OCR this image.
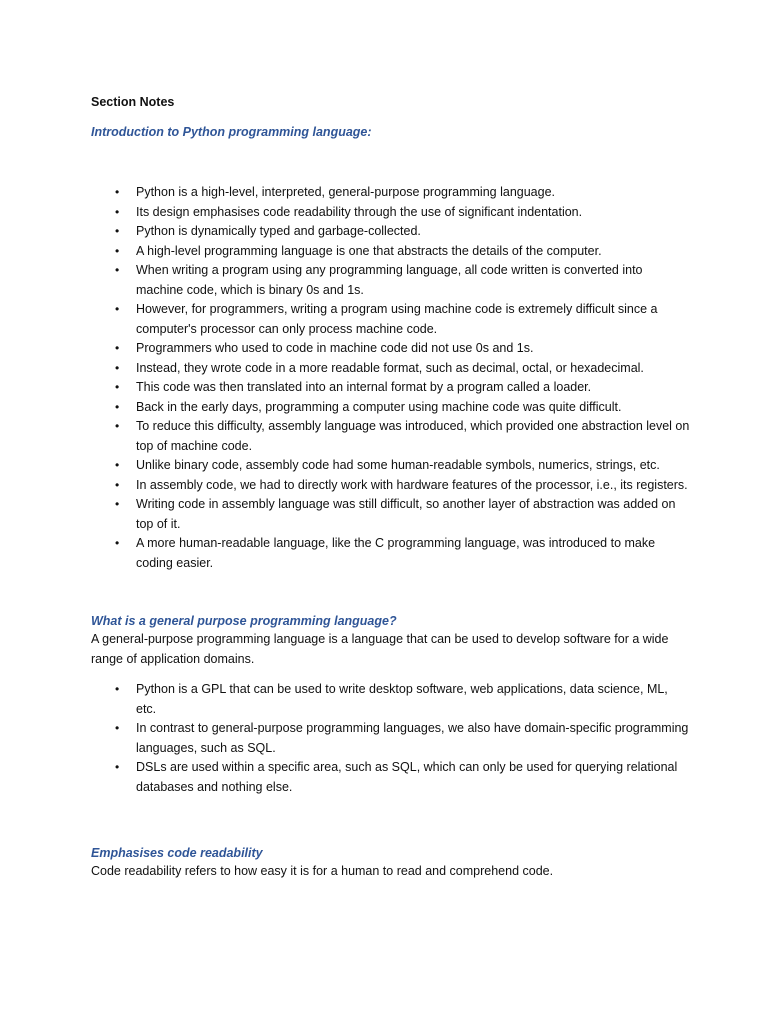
Section Notes

Introduction to Python programming language:

• Python is a high-level, interpreted, general-purpose programming language.
• Its design emphasises code readability through the use of significant indentation.
• Python is dynamically typed and garbage-collected.
• A high-level programming language is one that abstracts the details of the computer.
• When writing a program using any programming language, all code written is converted into machine code, which is binary 0s and 1s.
• However, for programmers, writing a program using machine code is extremely difficult since a computer's processor can only process machine code.
• Programmers who used to code in machine code did not use 0s and 1s.
• Instead, they wrote code in a more readable format, such as decimal, octal, or hexadecimal.
• This code was then translated into an internal format by a program called a loader.
• Back in the early days, programming a computer using machine code was quite difficult.
• To reduce this difficulty, assembly language was introduced, which provided one abstraction level on top of machine code.
• Unlike binary code, assembly code had some human-readable symbols, numerics, strings, etc.
• In assembly code, we had to directly work with hardware features of the processor, i.e., its registers.
• Writing code in assembly language was still difficult, so another layer of abstraction was added on top of it.
• A more human-readable language, like the C programming language, was introduced to make coding easier.

What is a general purpose programming language?

A general-purpose programming language is a language that can be used to develop software for a wide range of application domains.

• Python is a GPL that can be used to write desktop software, web applications, data science, ML, etc.
• In contrast to general-purpose programming languages, we also have domain-specific programming languages, such as SQL.
• DSLs are used within a specific area, such as SQL, which can only be used for querying relational databases and nothing else.

Emphasises code readability

Code readability refers to how easy it is for a human to read and comprehend code.
